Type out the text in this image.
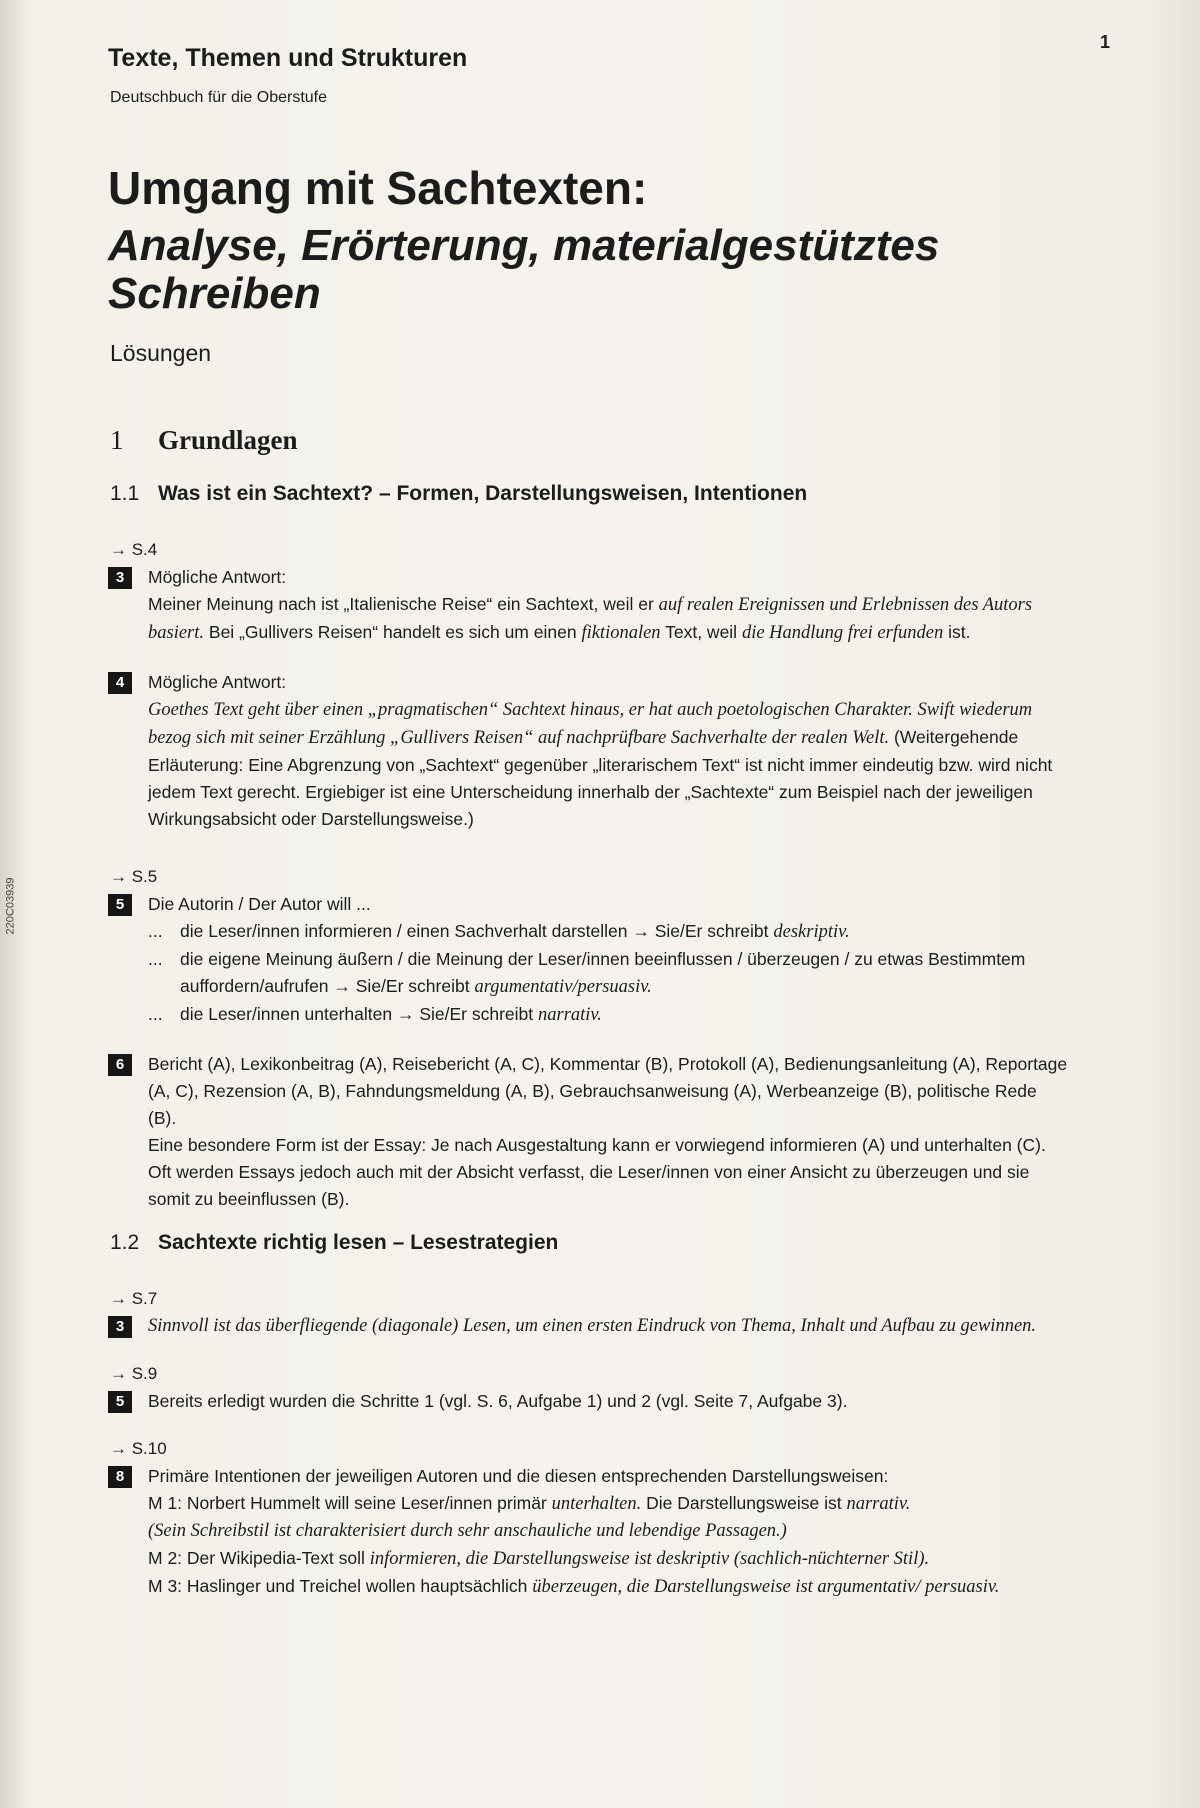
1
220C03939

Texte, Themen und Strukturen

Deutschbuch für die Oberstufe

Umgang mit Sachtexten:
Analyse, Erörterung, materialgestütztes Schreiben
Lösungen
1 Grundlagen
1.1 Was ist ein Sachtext? – Formen, Darstellungsweisen, Intentionen
→ S.4
3	Mögliche Antwort:
Meiner Meinung nach ist „Italienische Reise“ ein Sachtext, weil er auf realen Ereignissen und Erlebnissen des Autors basiert. Bei „Gullivers Reisen“ handelt es sich um einen fiktionalen Text, weil die Handlung frei erfunden ist.
4	Mögliche Antwort:
Goethes Text geht über einen „pragmatischen“ Sachtext hinaus, er hat auch poetologischen Charakter. Swift wiederum bezog sich mit seiner Erzählung „Gullivers Reisen“ auf nachprüfbare Sachverhalte der realen Welt. (Weitergehende Erläuterung: Eine Abgrenzung von „Sachtext“ gegenüber „literarischem Text“ ist nicht immer eindeutig bzw. wird nicht jedem Text gerecht. Ergiebiger ist eine Unterscheidung innerhalb der „Sachtexte“ zum Beispiel nach der jeweiligen Wirkungsabsicht oder Darstellungsweise.)
→ S.5
5	Die Autorin / Der Autor will ...
... die Leser/innen informieren / einen Sachverhalt darstellen → Sie/Er schreibt deskriptiv.
... die eigene Meinung äußern / die Meinung der Leser/innen beeinflussen / überzeugen / zu etwas Bestimmtem auffordern/aufrufen → Sie/Er schreibt argumentativ/persuasiv.
... die Leser/innen unterhalten → Sie/Er schreibt narrativ.
6	Bericht (A), Lexikonbeitrag (A), Reisebericht (A, C), Kommentar (B), Protokoll (A), Bedienungsanleitung (A), Reportage (A, C), Rezension (A, B), Fahndungsmeldung (A, B), Gebrauchsanweisung (A), Werbeanzeige (B), politische Rede (B).
Eine besondere Form ist der Essay: Je nach Ausgestaltung kann er vorwiegend informieren (A) und unterhalten (C). Oft werden Essays jedoch auch mit der Absicht verfasst, die Leser/innen von einer Ansicht zu überzeugen und sie somit zu beeinflussen (B).
1.2 Sachtexte richtig lesen – Lesestrategien
→ S.7
3	Sinnvoll ist das überfliegende (diagonale) Lesen, um einen ersten Eindruck von Thema, Inhalt und Aufbau zu gewinnen.
→ S.9
5	Bereits erledigt wurden die Schritte 1 (vgl. S. 6, Aufgabe 1) und 2 (vgl. Seite 7, Aufgabe 3).
→ S.10
8	Primäre Intentionen der jeweiligen Autoren und die diesen entsprechenden Darstellungsweisen:
M 1: Norbert Hummelt will seine Leser/innen primär unterhalten. Die Darstellungsweise ist narrativ.
(Sein Schreibstil ist charakterisiert durch sehr anschauliche und lebendige Passagen.)
M 2: Der Wikipedia-Text soll informieren, die Darstellungsweise ist deskriptiv (sachlich-nüchterner Stil).
M 3: Haslinger und Treichel wollen hauptsächlich überzeugen, die Darstellungsweise ist argumentativ/ persuasiv.
